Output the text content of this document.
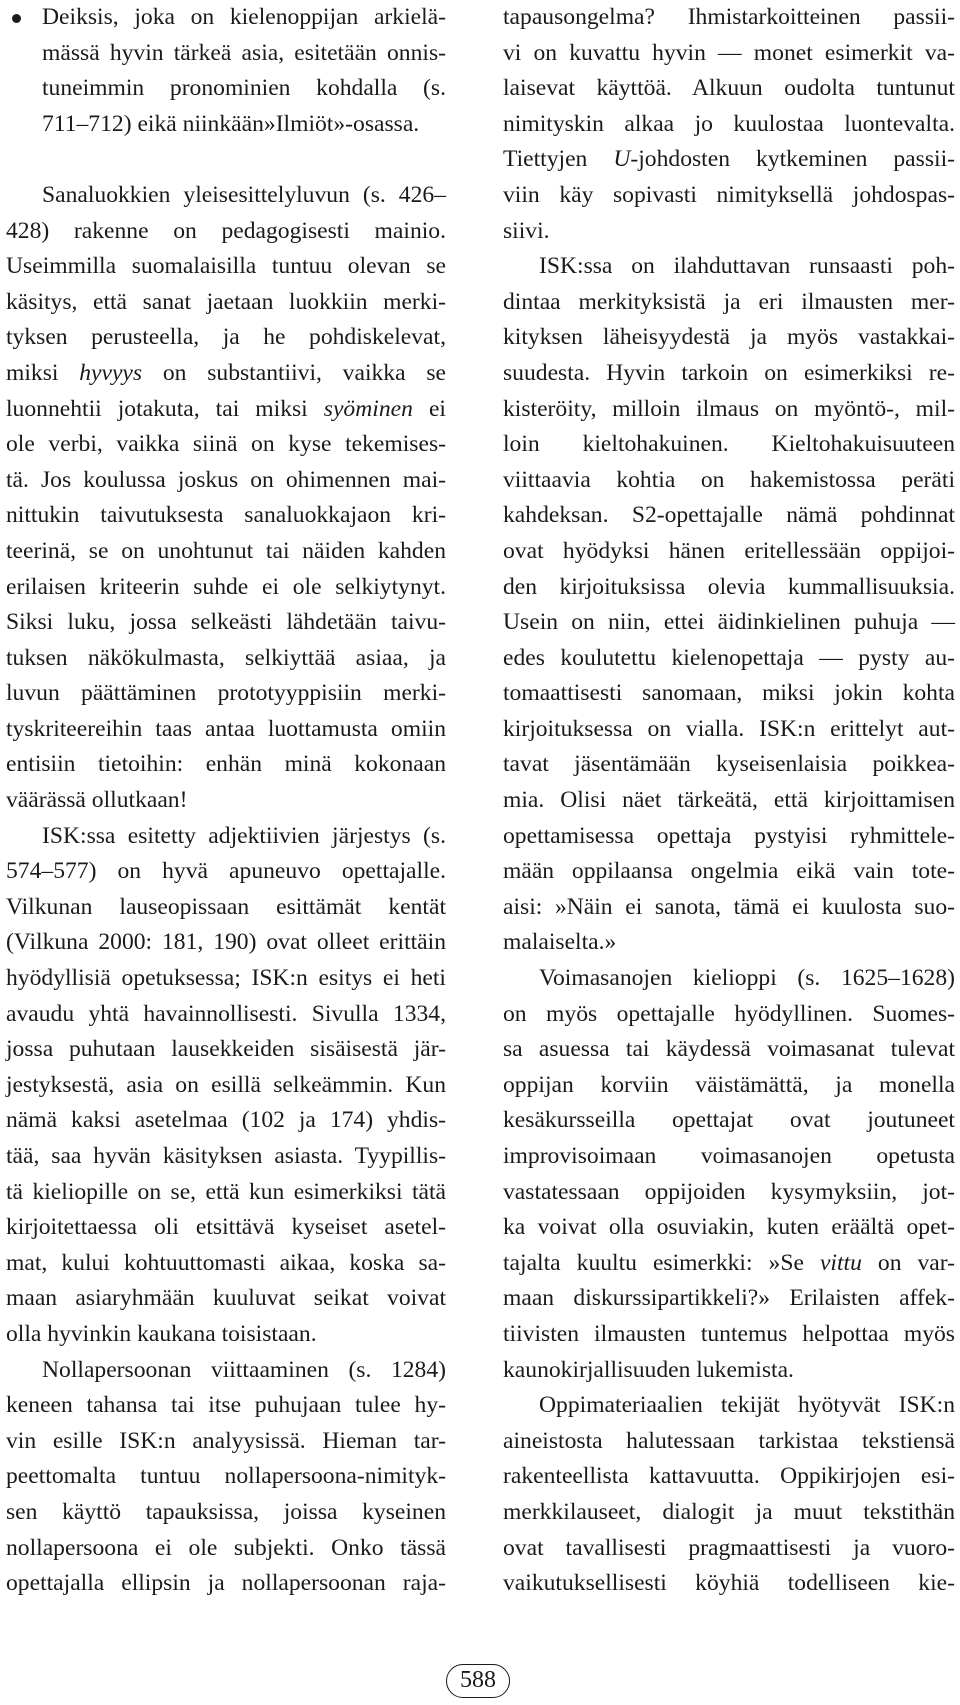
Deiksis, joka on kielenoppijan arkielä-
mässä hyvin tärkeä asia, esitetään onnis-
tuneimmin pronominien kohdalla (s.
711–712) eikä niinkään»Ilmiöt»-osassa.
Sanaluokkien yleisesittelyluvun (s. 426–
428) rakenne on pedagogisesti mainio.
Useimmilla suomalaisilla tuntuu olevan se
käsitys, että sanat jaetaan luokkiin merki-
tyksen perusteella, ja he pohdiskelevat,
miksi hyvyys on substantiivi, vaikka se
luonnehtii jotakuta, tai miksi syöminen ei
ole verbi, vaikka siinä on kyse tekemises-
tä. Jos koulussa joskus on ohimennen mai-
nittukin taivutuksesta sanaluokkajaon kri-
teerinä, se on unohtunut tai näiden kahden
erilaisen kriteerin suhde ei ole selkiytynyt.
Siksi luku, jossa selkeästi lähdetään taivu-
tuksen näkökulmasta, selkiyttää asiaa, ja
luvun päättäminen prototyyppisiin merki-
tyskriteereihin taas antaa luottamusta omiin
entisiin tietoihin: enhän minä kokonaan
väärässä ollutkaan!
ISK:ssa esitetty adjektiivien järjestys (s.
574–577) on hyvä apuneuvo opettajalle.
Vilkunan lauseopissaan esittämät kentät
(Vilkuna 2000: 181, 190) ovat olleet erittäin
hyödyllisiä opetuksessa; ISK:n esitys ei heti
avaudu yhtä havainnollisesti. Sivulla 1334,
jossa puhutaan lausekkeiden sisäisestä jär-
jestyksestä, asia on esillä selkeämmin. Kun
nämä kaksi asetelmaa (102 ja 174) yhdis-
tää, saa hyvän käsityksen asiasta. Tyypillis-
tä kieliopille on se, että kun esimerkiksi tätä
kirjoitettaessa oli etsittävä kyseiset asetel-
mat, kului kohtuuttomasti aikaa, koska sa-
maan asiaryhmään kuuluvat seikat voivat
olla hyvinkin kaukana toisistaan.
Nollapersoonan viittaaminen (s. 1284)
keneen tahansa tai itse puhujaan tulee hy-
vin esille ISK:n analyysissä. Hieman tar-
peettomalta tuntuu nollapersoona-nimityk-
sen käyttö tapauksissa, joissa kyseinen
nollapersoona ei ole subjekti. Onko tässä
opettajalla ellipsin ja nollapersoonan raja-
tapausongelma? Ihmistarkoitteinen passii-
vi on kuvattu hyvin — monet esimerkit va-
laisevat käyttöä. Alkuun oudolta tuntunut
nimityskin alkaa jo kuulostaa luontevalta.
Tiettyjen U-johdosten kytkeminen passii-
viin käy sopivasti nimityksellä johdospas-
siivi.
ISK:ssa on ilahduttavan runsaasti poh-
dintaa merkityksistä ja eri ilmausten mer-
kityksen läheisyydestä ja myös vastakkai-
suudesta. Hyvin tarkoin on esimerkiksi re-
kisteröity, milloin ilmaus on myöntö-, mil-
loin kieltohakuinen. Kieltohakuisuuteen
viittaavia kohtia on hakemistossa peräti
kahdeksan. S2-opettajalle nämä pohdinnat
ovat hyödyksi hänen eritellessään oppijoi-
den kirjoituksissa olevia kummallisuuksia.
Usein on niin, ettei äidinkielinen puhuja —
edes koulutettu kielenopettaja — pysty au-
tomaattisesti sanomaan, miksi jokin kohta
kirjoituksessa on vialla. ISK:n erittelyt aut-
tavat jäsentämään kyseisenlaisia poikkea-
mia. Olisi näet tärkeätä, että kirjoittamisen
opettamisessa opettaja pystyisi ryhmittele-
mään oppilaansa ongelmia eikä vain tote-
aisi: »Näin ei sanota, tämä ei kuulosta suo-
malaiselta.»
Voimasanojen kielioppi (s. 1625–1628)
on myös opettajalle hyödyllinen. Suomes-
sa asuessa tai käydessä voimasanat tulevat
oppijan korviin väistämättä, ja monella
kesäkursseilla opettajat ovat joutuneet
improvisoimaan voimasanojen opetusta
vastatessaan oppijoiden kysymyksiin, jot-
ka voivat olla osuviakin, kuten eräältä opet-
tajalta kuultu esimerkki: »Se vittu on var-
maan diskurssipartikkeli?» Erilaisten affek-
tiivisten ilmausten tuntemus helpottaa myös
kaunokirjallisuuden lukemista.
Oppimateriaalien tekijät hyötyvät ISK:n
aineistosta halutessaan tarkistaa tekstiensä
rakenteellista kattavuutta. Oppikirjojen esi-
merkkilauseet, dialogit ja muut tekstithän
ovat tavallisesti pragmaattisesti ja vuoro-
vaikutuksellisesti köyhiä todelliseen kie-
588
